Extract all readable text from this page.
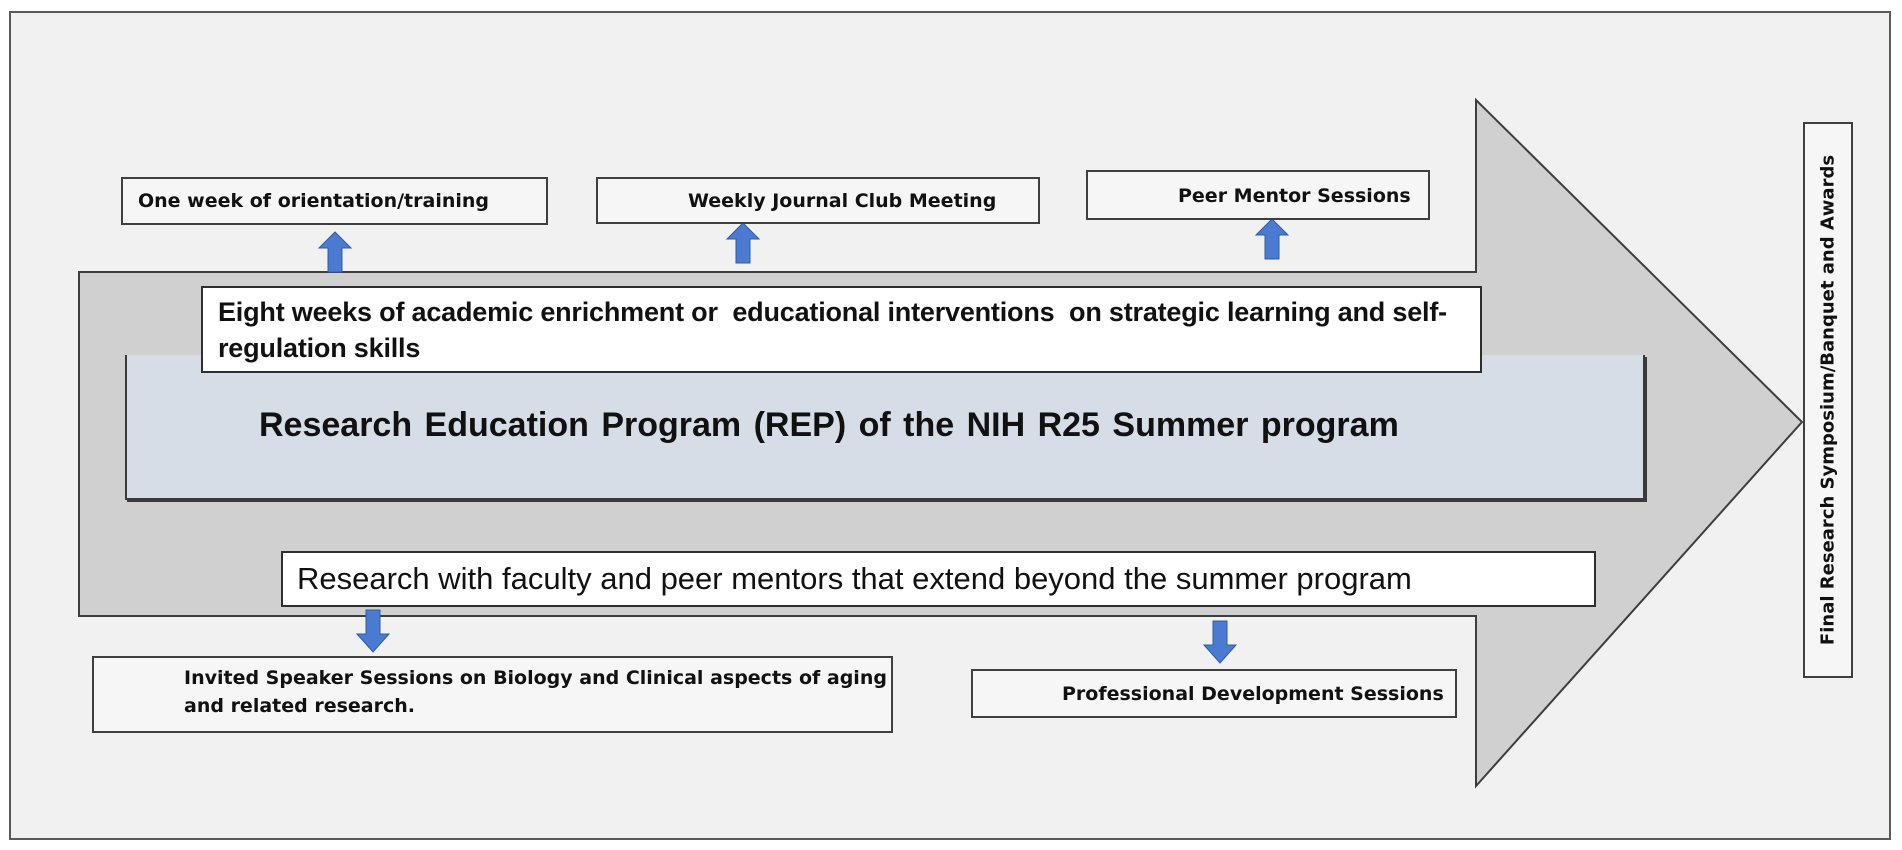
Research Education Program (REP) of the NIH R25 Summer program
One week of orientation/training	Weekly Journal Club Meeting	Peer Mentor Sessions
Eight weeks of academic enrichment or  educational interventions  on strategic learning and self-regulation skills
Research with faculty and peer mentors that extend beyond the summer program
Invited Speaker Sessions on Biology and Clinical aspects of aging and related research.
Professional Development Sessions
Final Research Symposium/Banquet and Awards
